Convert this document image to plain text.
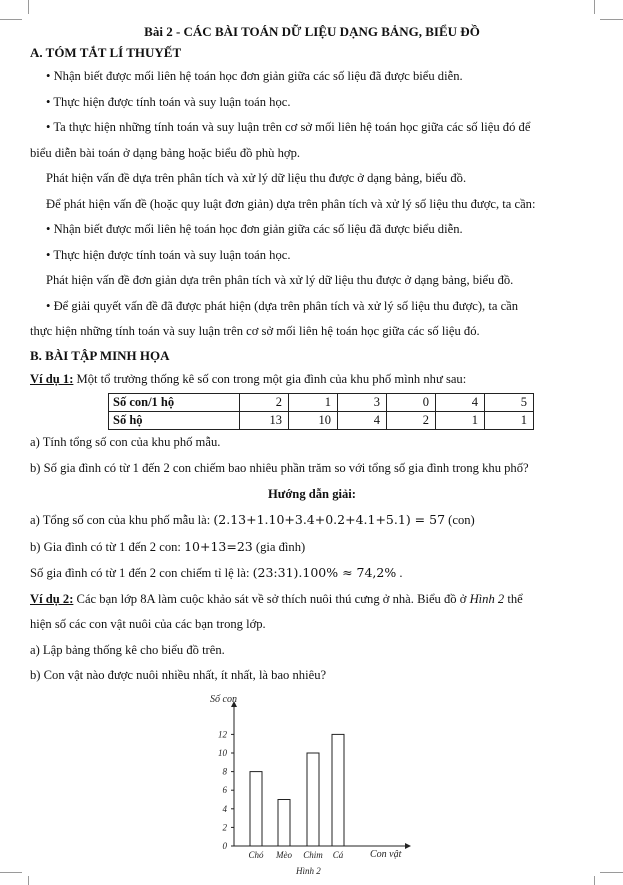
Bài 2 - CÁC BÀI TOÁN DỮ LIỆU DẠNG BẢNG, BIỂU ĐỒ
A. TÓM TẮT LÍ THUYẾT
• Nhận biết được mối liên hệ toán học đơn giản giữa các số liệu đã được biểu diễn.
• Thực hiện được tính toán và suy luận toán học.
• Ta thực hiện những tính toán và suy luận trên cơ sở mối liên hệ toán học giữa các số liệu đó để
biểu diễn bài toán ở dạng bảng hoặc biểu đồ phù hợp.
Phát hiện vấn đề dựa trên phân tích và xử lý dữ liệu thu được ở dạng bảng, biểu đồ.
Để phát hiện vấn đề (hoặc quy luật đơn giản) dựa trên phân tích và xử lý số liệu thu được, ta cần:
• Nhận biết được mối liên hệ toán học đơn giản giữa các số liệu đã được biểu diễn.
• Thực hiện được tính toán và suy luận toán học.
Phát hiện vấn đề đơn giản dựa trên phân tích và xử lý dữ liệu thu được ở dạng bảng, biểu đồ.
• Để giải quyết vấn đề đã được phát hiện (dựa trên phân tích và xử lý số liệu thu được), ta cần
thực hiện những tính toán và suy luận trên cơ sở mối liên hệ toán học giữa các số liệu đó.
B. BÀI TẬP MINH HỌA
Ví dụ 1: Một tổ trưởng thống kê số con trong một gia đình của khu phố mình như sau:
Số con/1 hộ	2	1	3	0	4	5
Số hộ	13	10	4	2	1	1
a) Tính tổng số con của khu phố mẫu.
b) Số gia đình có từ 1 đến 2 con chiếm bao nhiêu phần trăm so với tổng số gia đình trong khu phố?
Hướng dẫn giải:
a) Tổng số con của khu phố mẫu là: (2.13+1.10+3.4+0.2+4.1+5.1) = 57 (con)
b) Gia đình có từ 1 đến 2 con: 10+13=23 (gia đình)
Số gia đình có từ 1 đến 2 con chiếm tỉ lệ là: (23:31).100% ≈ 74,2% .
Ví dụ 2: Các bạn lớp 8A làm cuộc khảo sát về sở thích nuôi thú cưng ở nhà. Biểu đồ ở Hình 2 thể
hiện số các con vật nuôi của các bạn trong lớp.
a) Lập bảng thống kê cho biểu đồ trên.
b) Con vật nào được nuôi nhiều nhất, ít nhất, là bao nhiêu?
Số con
Con vật
Hình 2
0
2
4
6
8
10
12
Chó Mèo Chim Cá
